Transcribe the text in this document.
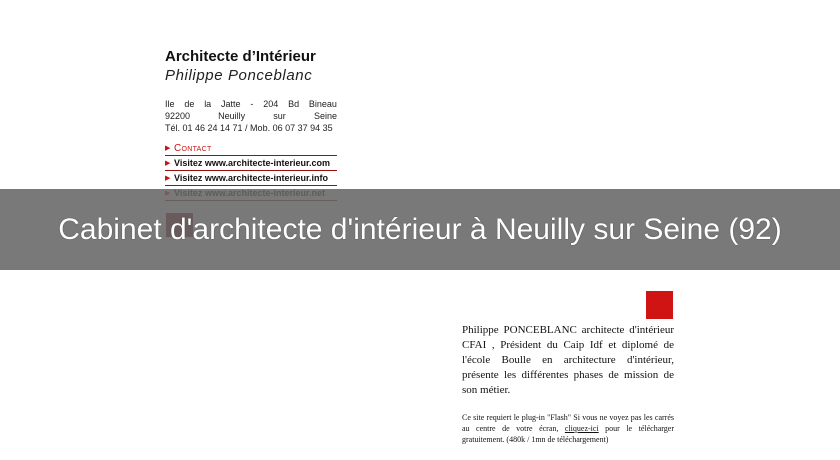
Architecte d’Intérieur
Philippe Ponceblanc
Ile de la Jatte - 204 Bd Bineau
92200	Neuilly	sur	Seine
Tél. 01 46 24 14 71 / Mob. 06 07 37 94 35
▶ Contact
▶ Visitez www.architecte-interieur.com
▶ Visitez www.architecte-interieur.info
Philippe PONCEBLANC architecte d'intérieur CFAI , Président du Caip Idf et diplomé de l'école Boulle en architecture d'intérieur, présente les différentes phases de mission de son métier.
Ce site requiert le plug-in "Flash" Si vous ne voyez pas les carrés au centre de votre écran, cliquez-ici pour le télécharger gratuitement. (480k / 1mn de téléchargement)
Cabinet d'architecte d'intérieur à Neuilly sur Seine (92)
